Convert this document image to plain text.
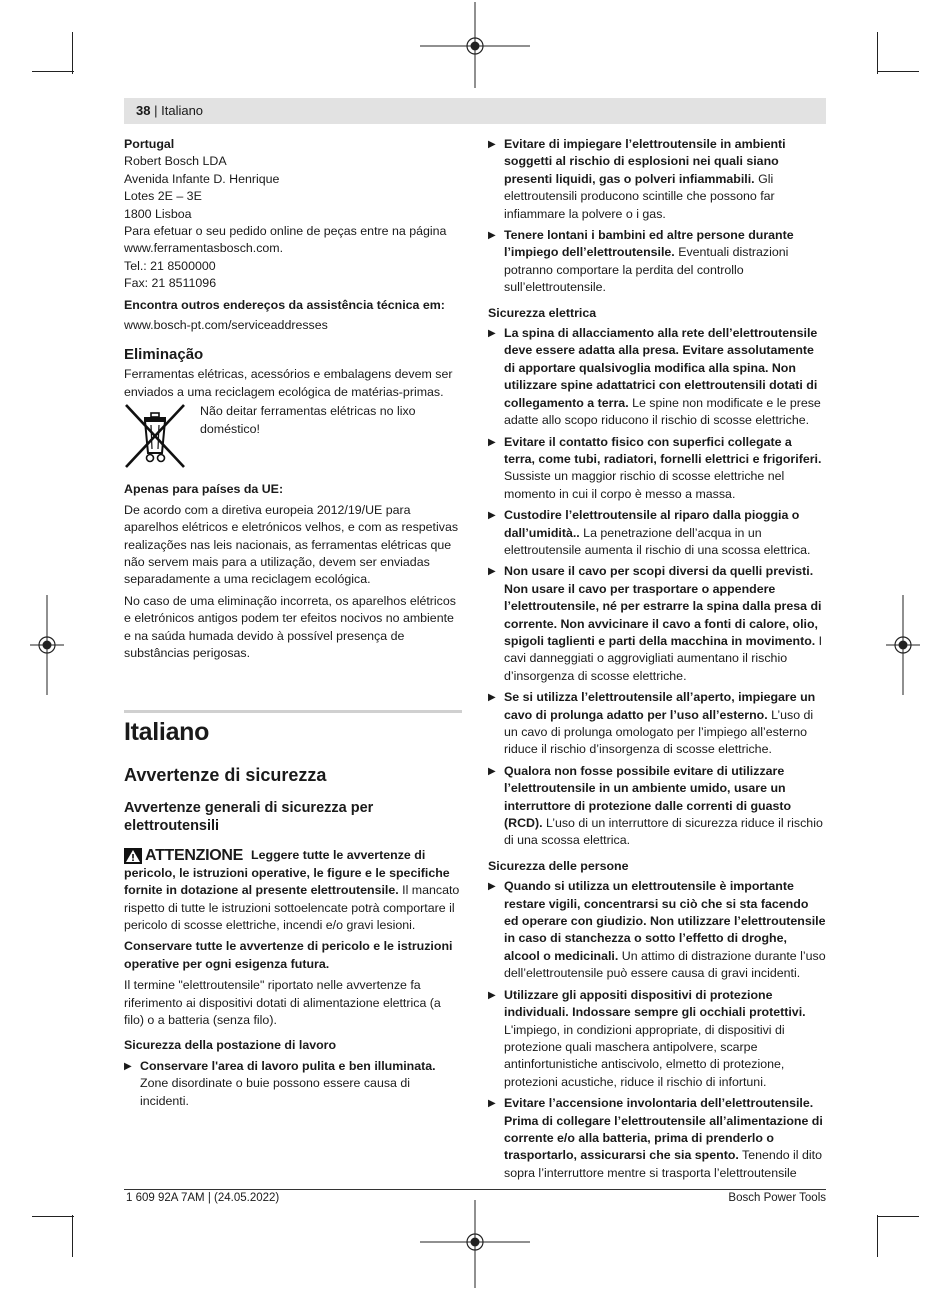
38 | Italiano

Portugal

Robert Bosch LDA

Avenida Infante D. Henrique

Lotes 2E – 3E

1800 Lisboa

Para efetuar o seu pedido online de peças entre na página

www.ferramentasbosch.com.

Tel.: 21 8500000

Fax: 21 8511096

Encontra outros endereços da assistência técnica em:

www.bosch-pt.com/serviceaddresses

Eliminação

Ferramentas elétricas, acessórios e embalagens devem ser enviados a uma reciclagem ecológica de matérias-primas.

Não deitar ferramentas elétricas no lixo doméstico!

Apenas para países da UE:

De acordo com a diretiva europeia 2012/19/UE para aparelhos elétricos e eletrónicos velhos, e com as respetivas realizações nas leis nacionais, as ferramentas elétricas que não servem mais para a utilização, devem ser enviadas separadamente a uma reciclagem ecológica.

No caso de uma eliminação incorreta, os aparelhos elétricos e eletrónicos antigos podem ter efeitos nocivos no ambiente e na saúda humada devido à possível presença de substâncias perigosas.

Italiano
Avvertenze di sicurezza
Avvertenze generali di sicurezza per elettroutensili

ATTENZIONE Leggere tutte le avvertenze di pericolo, le istruzioni operative, le figure e le specifiche fornite in dotazione al presente elettroutensile. Il mancato rispetto di tutte le istruzioni sottoelencate potrà comportare il pericolo di scosse elettriche, incendi e/o gravi lesioni.

Conservare tutte le avvertenze di pericolo e le istruzioni operative per ogni esigenza futura.

Il termine "elettroutensile" riportato nelle avvertenze fa riferimento ai dispositivi dotati di alimentazione elettrica (a filo) o a batteria (senza filo).

Sicurezza della postazione di lavoro

▶ Conservare l'area di lavoro pulita e ben illuminata. Zone disordinate o buie possono essere causa di incidenti.
▶ Evitare di impiegare l’elettroutensile in ambienti soggetti al rischio di esplosioni nei quali siano presenti liquidi, gas o polveri infiammabili. Gli elettroutensili producono scintille che possono far infiammare la polvere o i gas.
▶ Tenere lontani i bambini ed altre persone durante l’impiego dell’elettroutensile. Eventuali distrazioni potranno comportare la perdita del controllo sull’elettroutensile.

Sicurezza elettrica

▶ La spina di allacciamento alla rete dell’elettroutensile deve essere adatta alla presa. Evitare assolutamente di apportare qualsivoglia modifica alla spina. Non utilizzare spine adattatrici con elettroutensili dotati di collegamento a terra. Le spine non modificate e le prese adatte allo scopo riducono il rischio di scosse elettriche.
▶ Evitare il contatto fisico con superfici collegate a terra, come tubi, radiatori, fornelli elettrici e frigoriferi. Sussiste un maggior rischio di scosse elettriche nel momento in cui il corpo è messo a massa.
▶ Custodire l’elettroutensile al riparo dalla pioggia o dall’umidità.. La penetrazione dell’acqua in un elettroutensile aumenta il rischio di una scossa elettrica.
▶ Non usare il cavo per scopi diversi da quelli previsti. Non usare il cavo per trasportare o appendere l’elettroutensile, né per estrarre la spina dalla presa di corrente. Non avvicinare il cavo a fonti di calore, olio, spigoli taglienti e parti della macchina in movimento. I cavi danneggiati o aggrovigliati aumentano il rischio d’insorgenza di scosse elettriche.
▶ Se si utilizza l’elettroutensile all’aperto, impiegare un cavo di prolunga adatto per l’uso all’esterno. L’uso di un cavo di prolunga omologato per l’impiego all’esterno riduce il rischio d’insorgenza di scosse elettriche.
▶ Qualora non fosse possibile evitare di utilizzare l’elettroutensile in un ambiente umido, usare un interruttore di protezione dalle correnti di guasto (RCD). L’uso di un interruttore di sicurezza riduce il rischio di una scossa elettrica.

Sicurezza delle persone

▶ Quando si utilizza un elettroutensile è importante restare vigili, concentrarsi su ciò che si sta facendo ed operare con giudizio. Non utilizzare l’elettroutensile in caso di stanchezza o sotto l’effetto di droghe, alcool o medicinali. Un attimo di distrazione durante l’uso dell’elettroutensile può essere causa di gravi incidenti.
▶ Utilizzare gli appositi dispositivi di protezione individuali. Indossare sempre gli occhiali protettivi. L'impiego, in condizioni appropriate, di dispositivi di protezione quali maschera antipolvere, scarpe antinfortunistiche antiscivolo, elmetto di protezione, protezioni acustiche, riduce il rischio di infortuni.
▶ Evitare l’accensione involontaria dell’elettroutensile. Prima di collegare l’elettroutensile all’alimentazione di corrente e/o alla batteria, prima di prenderlo o trasportarlo, assicurarsi che sia spento. Tenendo il dito sopra l’interruttore mentre si trasporta l’elettroutensile
1 609 92A 7AM | (24.05.2022)	Bosch Power Tools
